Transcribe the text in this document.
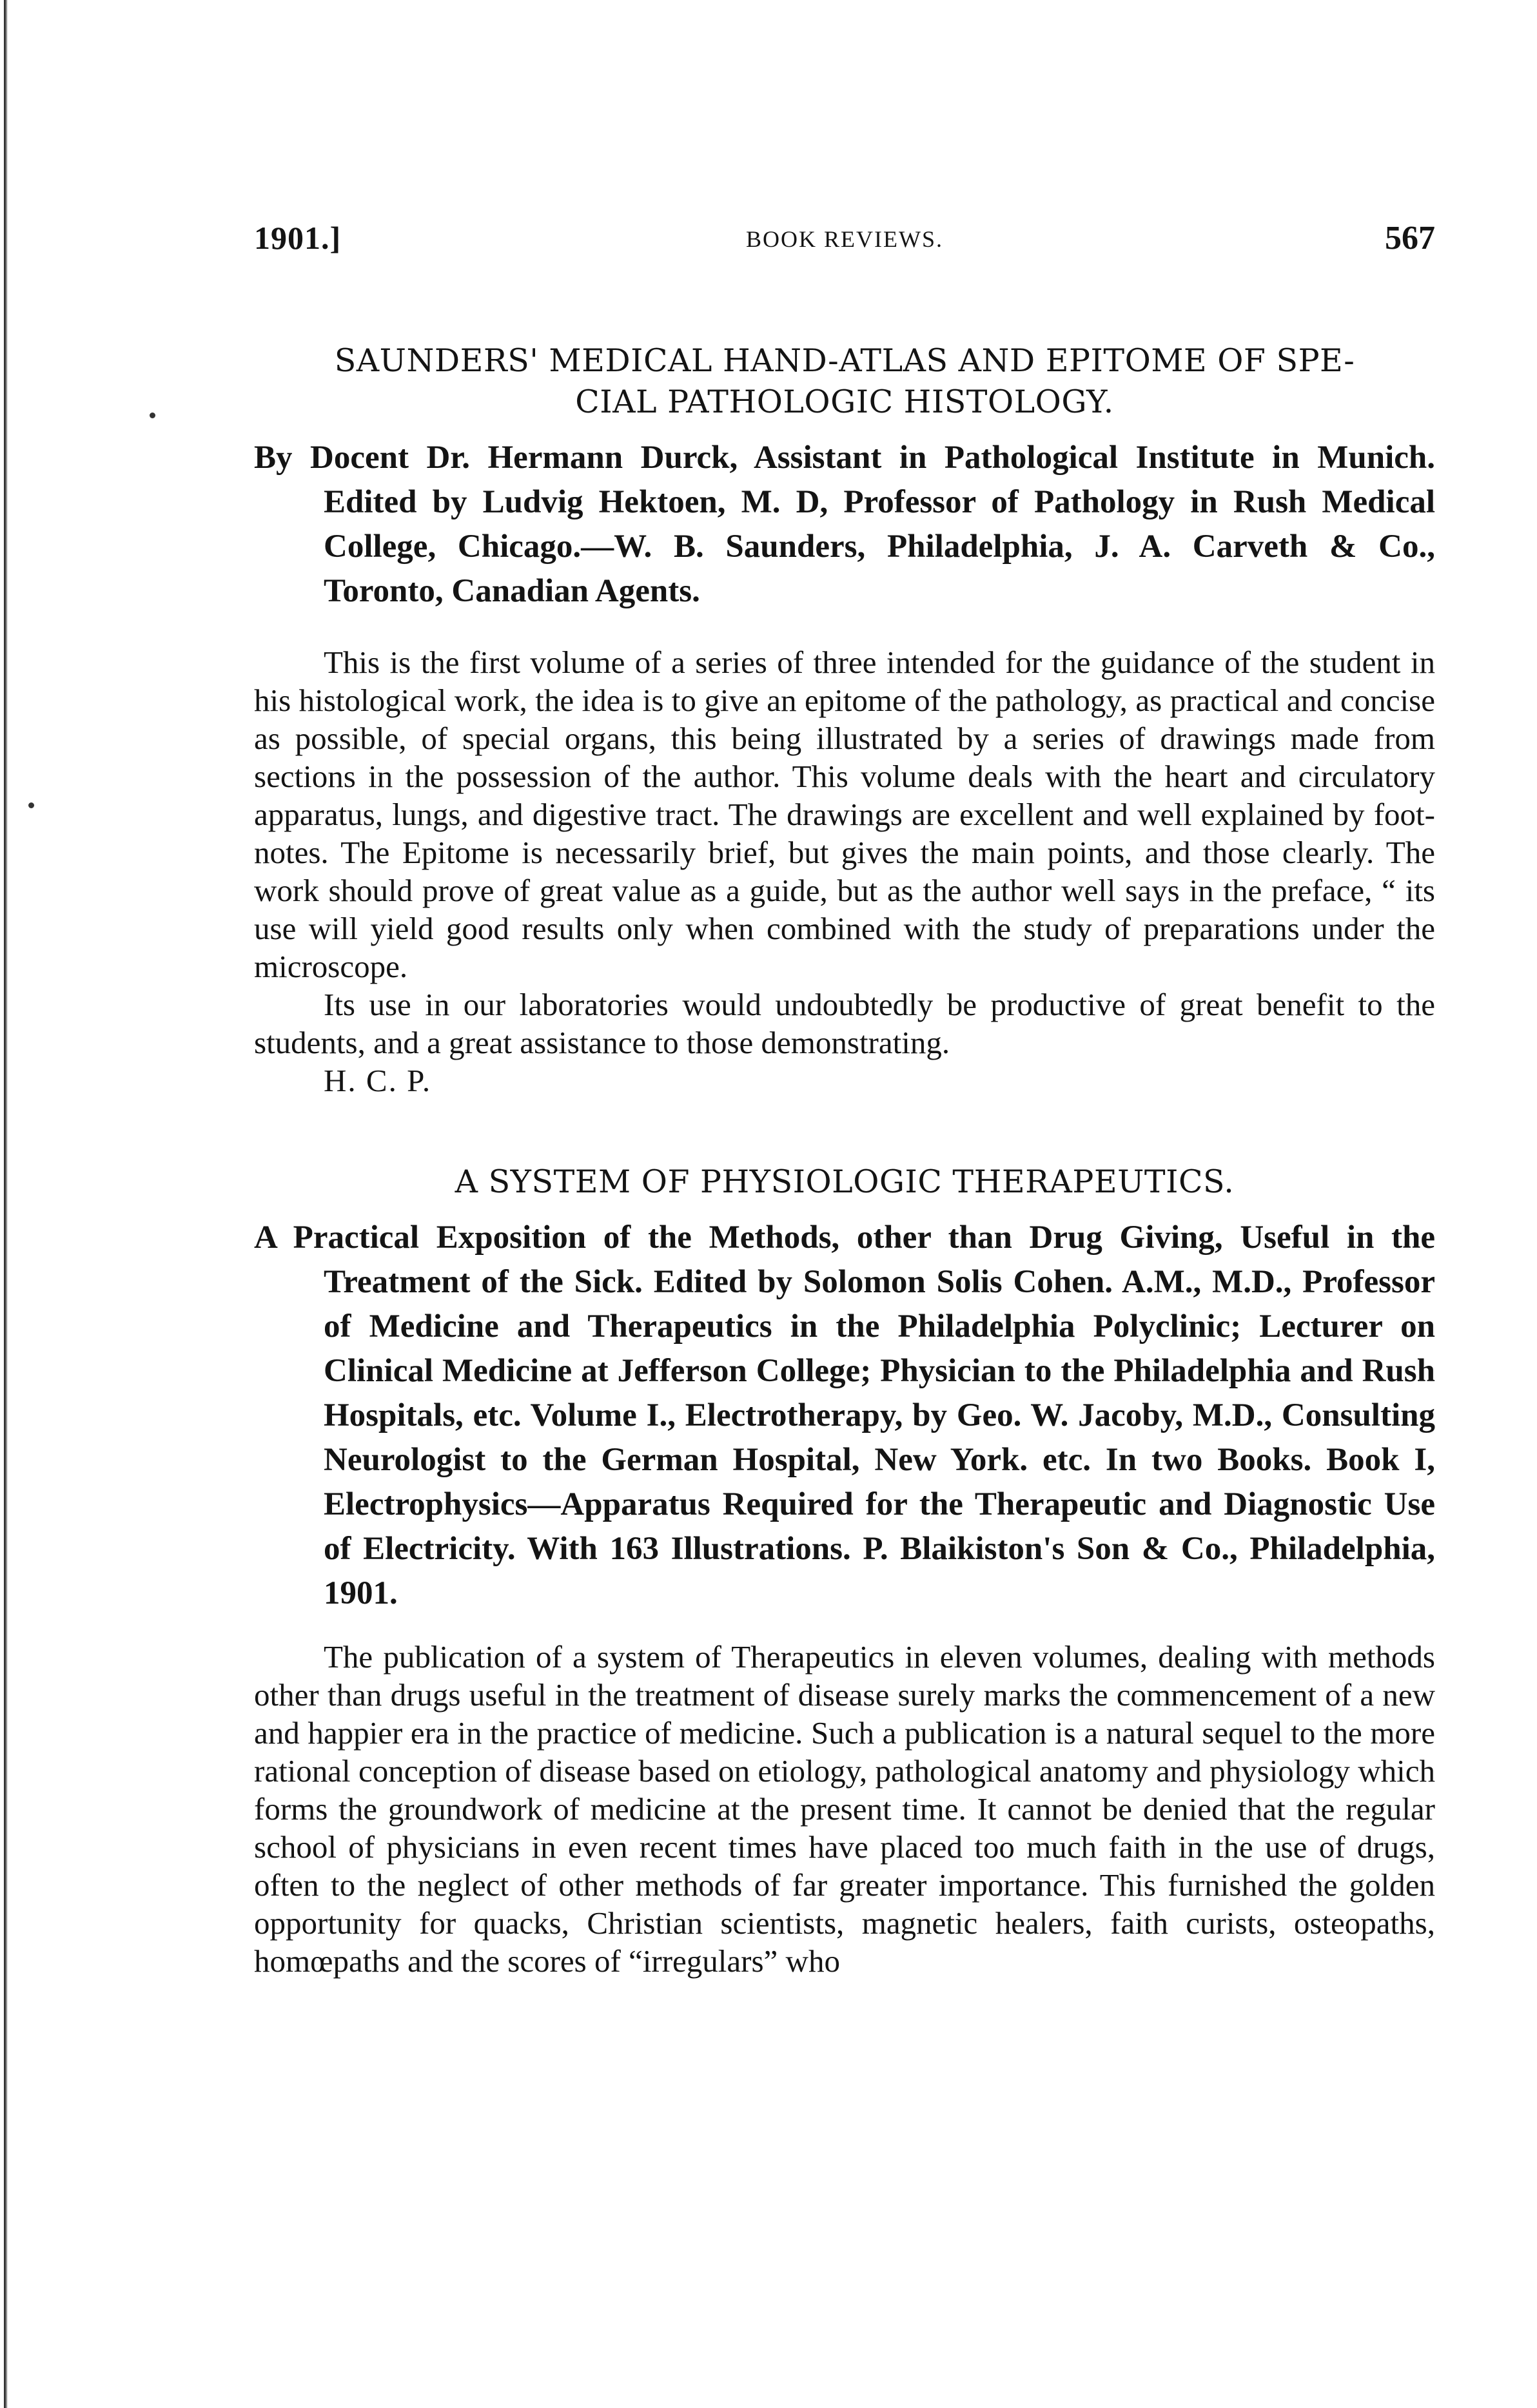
1901.]	BOOK REVIEWS.	567
SAUNDERS' MEDICAL HAND-ATLAS AND EPITOME OF SPE-
CIAL PATHOLOGIC HISTOLOGY.

By Docent Dr. Hermann Durck, Assistant in Pathological Institute in Munich. Edited by Ludvig Hektoen, M. D, Professor of Pathology in Rush Medical College, Chicago.—W. B. Saunders, Philadelphia, J. A. Carveth & Co., Toronto, Canadian Agents.

This is the first volume of a series of three intended for the guidance of the student in his histological work, the idea is to give an epitome of the pathology, as practical and concise as possible, of special organs, this being illustrated by a series of drawings made from sections in the possession of the author. This volume deals with the heart and circulatory apparatus, lungs, and digestive tract. The drawings are excellent and well explained by foot-notes. The Epitome is necessarily brief, but gives the main points, and those clearly. The work should prove of great value as a guide, but as the author well says in the preface, “ its use will yield good results only when combined with the study of preparations under the microscope.

Its use in our laboratories would undoubtedly be productive of great benefit to the students, and a great assistance to those demonstrating.

H. C. P.

A SYSTEM OF PHYSIOLOGIC THERAPEUTICS.

A Practical Exposition of the Methods, other than Drug Giving, Useful in the Treatment of the Sick. Edited by Solomon Solis Cohen. A.M., M.D., Professor of Medicine and Therapeutics in the Philadelphia Polyclinic; Lecturer on Clinical Medicine at Jefferson College; Physician to the Philadelphia and Rush Hospitals, etc. Volume I., Electrotherapy, by Geo. W. Jacoby, M.D., Consulting Neurologist to the German Hospital, New York. etc. In two Books. Book I, Electrophysics—Apparatus Required for the Therapeutic and Diagnostic Use of Electricity. With 163 Illustrations. P. Blaikiston's Son & Co., Philadelphia, 1901.

The publication of a system of Therapeutics in eleven volumes, dealing with methods other than drugs useful in the treatment of disease surely marks the commencement of a new and happier era in the practice of medicine. Such a publication is a natural sequel to the more rational conception of disease based on etiology, pathological anatomy and physiology which forms the groundwork of medicine at the present time. It cannot be denied that the regular school of physicians in even recent times have placed too much faith in the use of drugs, often to the neglect of other methods of far greater importance. This furnished the golden opportunity for quacks, Christian scientists, magnetic healers, faith curists, osteopaths, homœpaths and the scores of “irregulars” who
